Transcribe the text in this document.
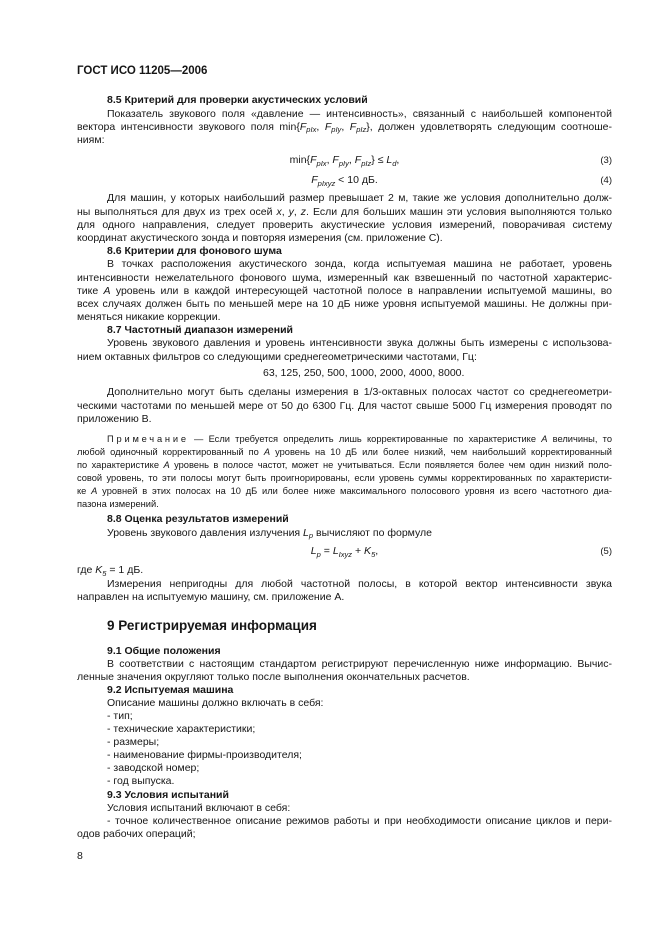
ГОСТ ИСО 11205—2006
8.5 Критерий для проверки акустических условий
Показатель звукового поля «давление — интенсивность», связанный с наибольшей компонентой
вектора интенсивности звукового поля $\min\{F_{pIx}$, $F_{pIy}$, $F_{pIz}$}, должен удовлетворять следующим соотноше-
ниям:
$\min\{F_{pIx}$, $F_{pIy}$, $F_{pIz}\} \le L_d$,	(3)
$F_{pIxyz} < 10$ дБ.	(4)
Для машин, у которых наибольший размер превышает 2 м, такие же условия дополнительно долж-
ны выполняться для двух из трех осей x, y, z. Если для больших машин эти условия выполняются только
для одного направления, следует проверить акустические условия измерений, поворачивая систему
координат акустического зонда и повторяя измерения (см. приложение С).
8.6 Критерии для фонового шума
В точках расположения акустического зонда, когда испытуемая машина не работает, уровень
интенсивности нежелательного фонового шума, измеренный как взвешенный по частотной характерис-
тике A уровень или в каждой интересующей частотной полосе в направлении испытуемой машины, во
всех случаях должен быть по меньшей мере на 10 дБ ниже уровня испытуемой машины. Не должны при-
меняться никакие коррекции.
8.7 Частотный диапазон измерений
Уровень звукового давления и уровень интенсивности звука должны быть измерены с использова-
нием октавных фильтров со следующими среднегеометрическими частотами, Гц:
63, 125, 250, 500, 1000, 2000, 4000, 8000.
Дополнительно могут быть сделаны измерения в 1/3-октавных полосах частот со среднегеометри-
ческими частотами по меньшей мере от 50 до 6300 Гц. Для частот свыше 5000 Гц измерения проводят по
приложению В.
Примечание — Если требуется определить лишь корректированные по характеристике A величины, то
любой одиночный корректированный по A уровень на 10 дБ или более низкий, чем наибольший корректированный
по характеристике A уровень в полосе частот, может не учитываться. Если появляется более чем один низкий поло-
совой уровень, то эти полосы могут быть проигнорированы, если уровень суммы корректированных по характеристи-
ке A уровней в этих полосах на 10 дБ или более ниже максимального полосового уровня из всего частотного диа-
пазона измерений.
8.8 Оценка результатов измерений
Уровень звукового давления излучения $L_p$ вычисляют по формуле
$L_p = L_{Ixyz} + K_5$,	(5)
где $K_5 = 1$ дБ.
Измерения непригодны для любой частотной полосы, в которой вектор интенсивности звука
направлен на испытуемую машину, см. приложение А.
9 Регистрируемая информация
9.1 Общие положения
В соответствии с настоящим стандартом регистрируют перечисленную ниже информацию. Вычис-
ленные значения округляют только после выполнения окончательных расчетов.
9.2 Испытуемая машина
Описание машины должно включать в себя:
- тип;
- технические характеристики;
- размеры;
- наименование фирмы-производителя;
- заводской номер;
- год выпуска.
9.3 Условия испытаний
Условия испытаний включают в себя:
- точное количественное описание режимов работы и при необходимости описание циклов и пери-
одов рабочих операций;
8
